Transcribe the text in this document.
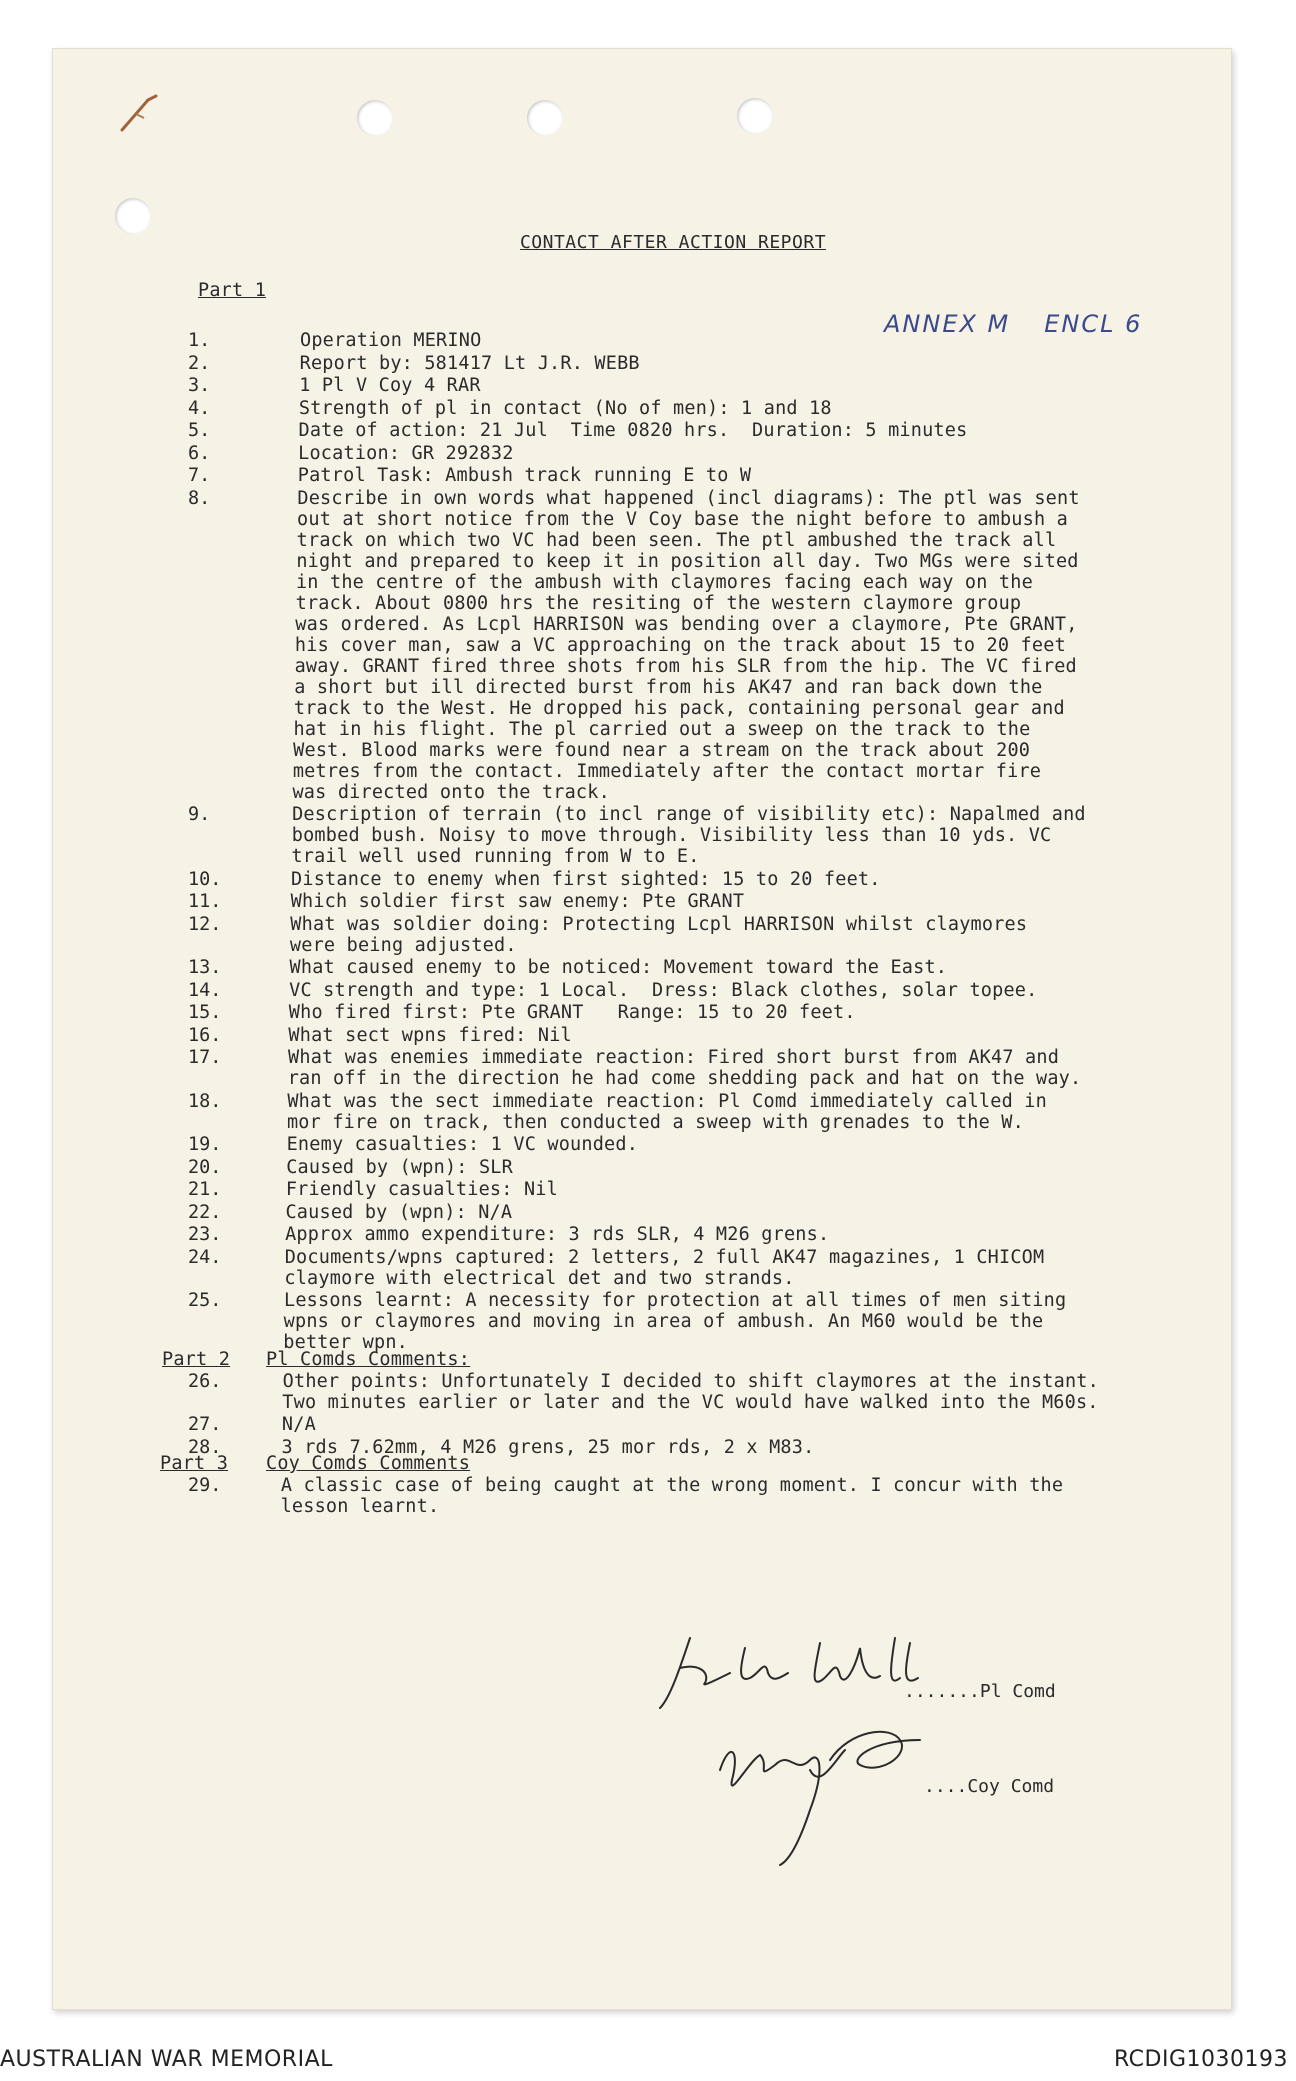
CONTACT AFTER ACTION REPORT
ANNEX M ENCL 6
Part 1
1.	Operation MERINO
2.	Report by: 581417 Lt J.R. WEBB
3.	1 Pl V Coy 4 RAR
4.	Strength of pl in contact (No of men): 1 and 18
5.	Date of action: 21 Jul  Time 0820 hrs.  Duration: 5 minutes
6.	Location: GR 292832
7.	Patrol Task: Ambush track running E to W
8.	Describe in own words what happened (incl diagrams): The ptl was sent
out at short notice from the V Coy base the night before to ambush a
track on which two VC had been seen. The ptl ambushed the track all
night and prepared to keep it in position all day. Two MGs were sited
in the centre of the ambush with claymores facing each way on the
track. About 0800 hrs the resiting of the western claymore group
was ordered. As Lcpl HARRISON was bending over a claymore, Pte GRANT,
his cover man, saw a VC approaching on the track about 15 to 20 feet
away. GRANT fired three shots from his SLR from the hip. The VC fired
a short but ill directed burst from his AK47 and ran back down the
track to the West. He dropped his pack, containing personal gear and
hat in his flight. The pl carried out a sweep on the track to the
West. Blood marks were found near a stream on the track about 200
metres from the contact. Immediately after the contact mortar fire
was directed onto the track.
9.	Description of terrain (to incl range of visibility etc): Napalmed and
bombed bush. Noisy to move through. Visibility less than 10 yds. VC
trail well used running from W to E.
10.	Distance to enemy when first sighted: 15 to 20 feet.
11.	Which soldier first saw enemy: Pte GRANT
12.	What was soldier doing: Protecting Lcpl HARRISON whilst claymores
were being adjusted.
13.	What caused enemy to be noticed: Movement toward the East.
14.	VC strength and type: 1 Local.  Dress: Black clothes, solar topee.
15.	Who fired first: Pte GRANT   Range: 15 to 20 feet.
16.	What sect wpns fired: Nil
17.	What was enemies immediate reaction: Fired short burst from AK47 and
ran off in the direction he had come shedding pack and hat on the way.
18.	What was the sect immediate reaction: Pl Comd immediately called in
mor fire on track, then conducted a sweep with grenades to the W.
19.	Enemy casualties: 1 VC wounded.
20.	Caused by (wpn): SLR
21.	Friendly casualties: Nil
22.	Caused by (wpn): N/A
23.	Approx ammo expenditure: 3 rds SLR, 4 M26 grens.
24.	Documents/wpns captured: 2 letters, 2 full AK47 magazines, 1 CHICOM
claymore with electrical det and two strands.
25.	Lessons learnt: A necessity for protection at all times of men siting
wpns or claymores and moving in area of ambush. An M60 would be the
better wpn.
Part 2 Pl Comds Comments:
26.	Other points: Unfortunately I decided to shift claymores at the instant.
Two minutes earlier or later and the VC would have walked into the M60s.
27.	N/A
28.	3 rds 7.62mm, 4 M26 grens, 25 mor rds, 2 x M83.
Part 3 Coy Comds Comments
29.	A classic case of being caught at the wrong moment. I concur with the
lesson learnt.
.......Pl Comd
....Coy Comd
AUSTRALIAN WAR MEMORIAL	RCDIG1030193
